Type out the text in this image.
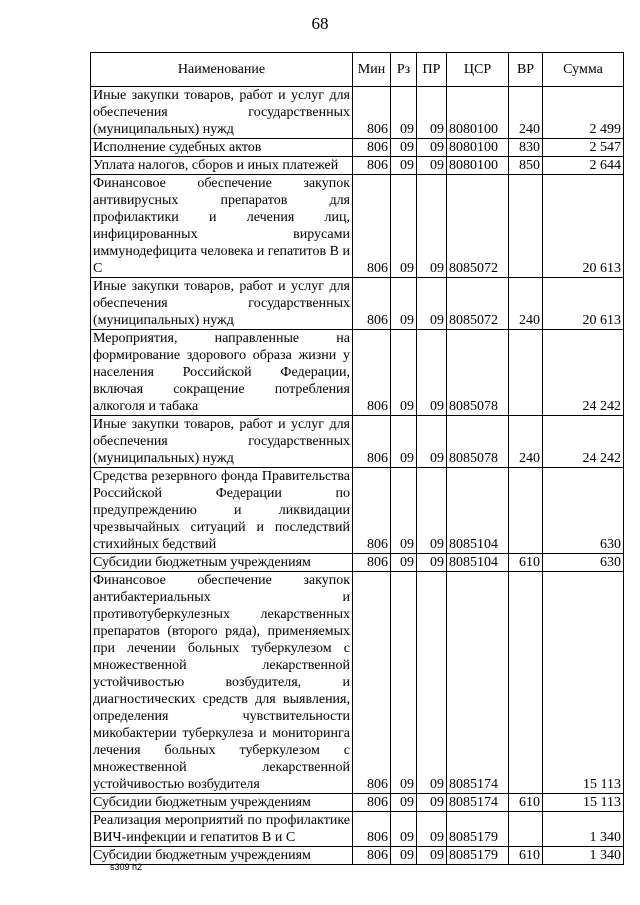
68
Наименование	Мин	Рз	ПР	ЦСР	ВР	Сумма
Иные закупки товаров, работ и услуг для обеспечения государственных (муниципальных) нужд	806	09	09	8080100	240	2 499
Исполнение судебных актов	806	09	09	8080100	830	2 547
Уплата налогов, сборов и иных платежей	806	09	09	8080100	850	2 644
Финансовое обеспечение закупок антивирусных препаратов для профилактики и лечения лиц, инфицированных вирусами иммунодефицита человека и гепатитов В и С	806	09	09	8085072		20 613
Иные закупки товаров, работ и услуг для обеспечения государственных (муниципальных) нужд	806	09	09	8085072	240	20 613
Мероприятия, направленные на формирование здорового образа жизни у населения Российской Федерации, включая сокращение потребления алкоголя и табака	806	09	09	8085078		24 242
Иные закупки товаров, работ и услуг для обеспечения государственных (муниципальных) нужд	806	09	09	8085078	240	24 242
Средства резервного фонда Правительства Российской Федерации по предупреждению и ликвидации чрезвычайных ситуаций и последствий стихийных бедствий	806	09	09	8085104		630
Субсидии бюджетным учреждениям	806	09	09	8085104	610	630
Финансовое обеспечение закупок антибактериальных и противотуберкулезных лекарственных препаратов (второго ряда), применяемых при лечении больных туберкулезом с множественной лекарственной устойчивостью возбудителя, и диагностических средств для выявления, определения чувствительности микобактерии туберкулеза и мониторинга лечения больных туберкулезом с множественной лекарственной устойчивостью возбудителя	806	09	09	8085174		15 113
Субсидии бюджетным учреждениям	806	09	09	8085174	610	15 113
Реализация мероприятий по профилактике ВИЧ-инфекции и гепатитов В и С	806	09	09	8085179		1 340
Субсидии бюджетным учреждениям	806	09	09	8085179	610	1 340
s309 h2
